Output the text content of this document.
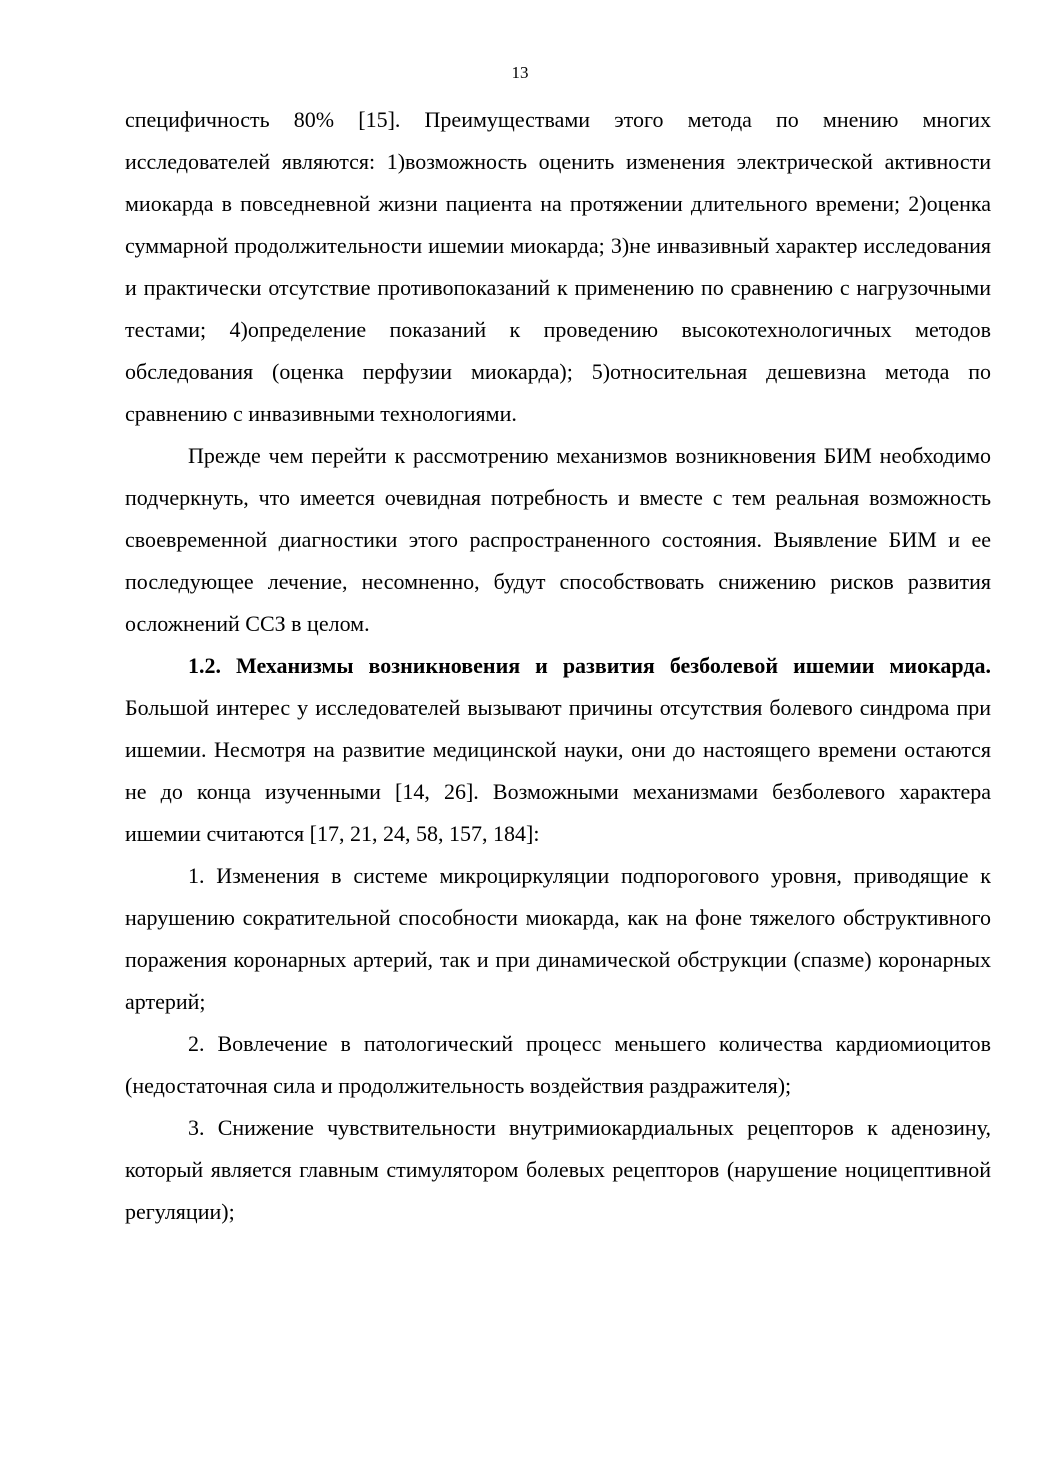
13

специфичность 80% [15]. Преимуществами этого метода по мнению многих исследователей являются: 1)возможность оценить изменения электрической активности миокарда в повседневной жизни пациента на протяжении длительного времени; 2)оценка суммарной продолжительности ишемии миокарда; 3)не инвазивный характер исследования и практически отсутствие противопоказаний к применению по сравнению с нагрузочными тестами; 4)определение показаний к проведению высокотехнологичных методов обследования (оценка перфузии миокарда); 5)относительная дешевизна метода по сравнению с инвазивными технологиями.

Прежде чем перейти к рассмотрению механизмов возникновения БИМ необходимо подчеркнуть, что имеется очевидная потребность и вместе с тем реальная возможность своевременной диагностики этого распространенного состояния. Выявление БИМ и ее последующее лечение, несомненно, будут способствовать снижению рисков развития осложнений ССЗ в целом.

1.2. Механизмы возникновения и развития безболевой ишемии миокарда. Большой интерес у исследователей вызывают причины отсутствия болевого синдрома при ишемии. Несмотря на развитие медицинской науки, они до настоящего времени остаются не до конца изученными [14, 26]. Возможными механизмами безболевого характера ишемии считаются [17, 21, 24, 58, 157, 184]:

1. Изменения в системе микроциркуляции подпорогового уровня, приводящие к нарушению сократительной способности миокарда, как на фоне тяжелого обструктивного поражения коронарных артерий, так и при динамической обструкции (спазме) коронарных артерий;

2. Вовлечение в патологический процесс меньшего количества кардиомиоцитов (недостаточная сила и продолжительность воздействия раздражителя);

3. Снижение чувствительности внутримиокардиальных рецепторов к аденозину, который является главным стимулятором болевых рецепторов (нарушение ноцицептивной регуляции);
